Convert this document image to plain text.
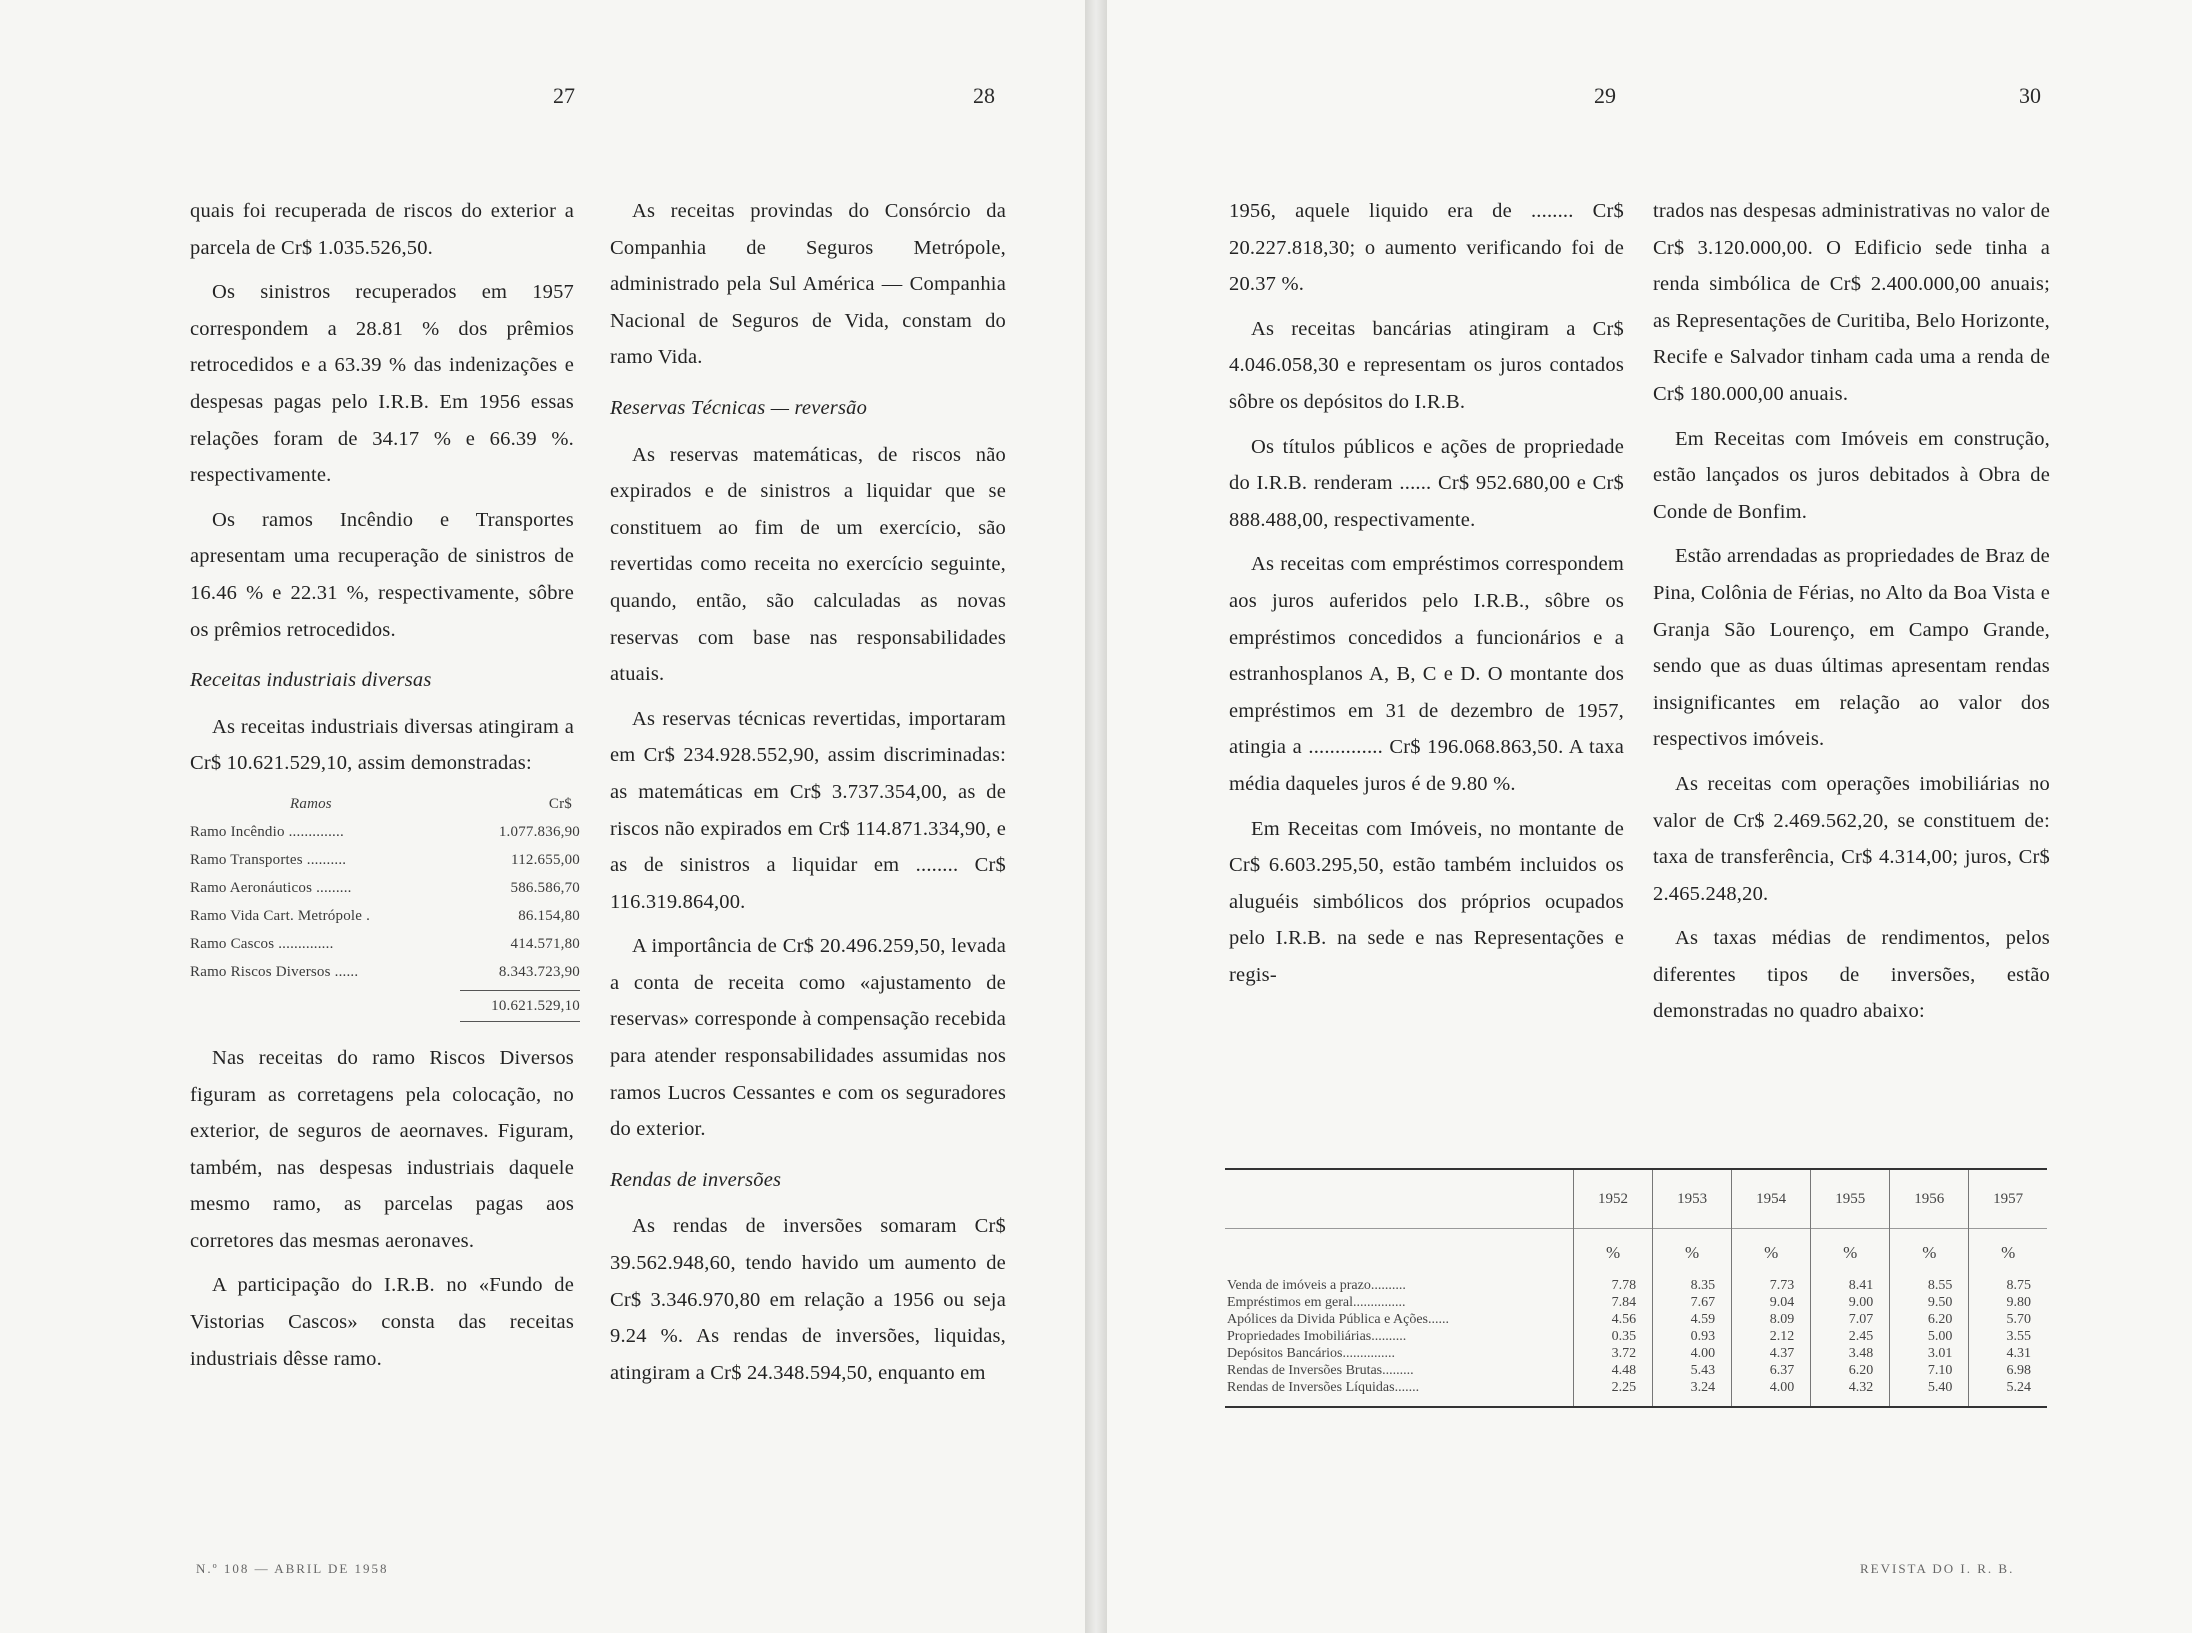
27	28

quais foi recuperada de riscos do exterior a parcela de Cr$ 1.035.526,50.

Os sinistros recuperados em 1957 correspondem a 28.81 % dos prêmios retrocedidos e a 63.39 % das indenizações e despesas pagas pelo I.R.B. Em 1956 essas relações foram de 34.17 % e 66.39 %. respectivamente.

Os ramos Incêndio e Transportes apresentam uma recuperação de sinistros de 16.46 % e 22.31 %, respectivamente, sôbre os prêmios retrocedidos.

Receitas industriais diversas

As receitas industriais diversas atingiram a Cr$ 10.621.529,10, assim demonstradas:

Ramos	Cr$
Ramo Incêndio ..............	1.077.836,90
Ramo Transportes ..........	112.655,00
Ramo Aeronáuticos .........	586.586,70
Ramo Vida Cart. Metrópole .	86.154,80
Ramo Cascos ..............	414.571,80
Ramo Riscos Diversos ......	8.343.723,90
10.621.529,10

Nas receitas do ramo Riscos Diversos figuram as corretagens pela colocação, no exterior, de seguros de aeornaves. Figuram, também, nas despesas industriais daquele mesmo ramo, as parcelas pagas aos corretores das mesmas aeronaves.

A participação do I.R.B. no «Fundo de Vistorias Cascos» consta das receitas industriais dêsse ramo.

As receitas provindas do Consórcio da Companhia de Seguros Metrópole, administrado pela Sul América — Companhia Nacional de Seguros de Vida, constam do ramo Vida.

Reservas Técnicas — reversão

As reservas matemáticas, de riscos não expirados e de sinistros a liquidar que se constituem ao fim de um exercício, são revertidas como receita no exercício seguinte, quando, então, são calculadas as novas reservas com base nas responsabilidades atuais.

As reservas técnicas revertidas, importaram em Cr$ 234.928.552,90, assim discriminadas: as matemáticas em Cr$ 3.737.354,00, as de riscos não expirados em Cr$ 114.871.334,90, e as de sinistros a liquidar em ........ Cr$ 116.319.864,00.

A importância de Cr$ 20.496.259,50, levada a conta de receita como «ajustamento de reservas» corresponde à compensação recebida para atender responsabilidades assumidas nos ramos Lucros Cessantes e com os seguradores do exterior.

Rendas de inversões

As rendas de inversões somaram Cr$ 39.562.948,60, tendo havido um aumento de Cr$ 3.346.970,80 em relação a 1956 ou seja 9.24 %. As rendas de inversões, liquidas, atingiram a Cr$ 24.348.594,50, enquanto em

N.º 108 — ABRIL DE 1958
29	30

1956, aquele liquido era de ........ Cr$ 20.227.818,30; o aumento verificando foi de 20.37 %.

As receitas bancárias atingiram a Cr$ 4.046.058,30 e representam os juros contados sôbre os depósitos do I.R.B.

Os títulos públicos e ações de propriedade do I.R.B. renderam ...... Cr$ 952.680,00 e Cr$ 888.488,00, respectivamente.

As receitas com empréstimos correspondem aos juros auferidos pelo I.R.B., sôbre os empréstimos concedidos a funcionários e a estranhosplanos A, B, C e D. O montante dos empréstimos em 31 de dezembro de 1957, atingia a .............. Cr$ 196.068.863,50. A taxa média daqueles juros é de 9.80 %.

Em Receitas com Imóveis, no montante de Cr$ 6.603.295,50, estão também incluidos os aluguéis simbólicos dos próprios ocupados pelo I.R.B. na sede e nas Representações e regis-

trados nas despesas administrativas no valor de Cr$ 3.120.000,00. O Edificio sede tinha a renda simbólica de Cr$ 2.400.000,00 anuais; as Representações de Curitiba, Belo Horizonte, Recife e Salvador tinham cada uma a renda de Cr$ 180.000,00 anuais.

Em Receitas com Imóveis em construção, estão lançados os juros debitados à Obra de Conde de Bonfim.

Estão arrendadas as propriedades de Braz de Pina, Colônia de Férias, no Alto da Boa Vista e Granja São Lourenço, em Campo Grande, sendo que as duas últimas apresentam rendas insignificantes em relação ao valor dos respectivos imóveis.

As receitas com operações imobiliárias no valor de Cr$ 2.469.562,20, se constituem de: taxa de transferência, Cr$ 4.314,00; juros, Cr$ 2.465.248,20.

As taxas médias de rendimentos, pelos diferentes tipos de inversões, estão demonstradas no quadro abaixo:

REVISTA DO I. R. B.
	1952	1953	1954	1955	1956	1957
	%	%	%	%	%	%
Venda de imóveis a prazo..........	7.78	8.35	7.73	8.41	8.55	8.75
Empréstimos em geral...............	7.84	7.67	9.04	9.00	9.50	9.80
Apólices da Divida Pública e Ações......	4.56	4.59	8.09	7.07	6.20	5.70
Propriedades Imobiliárias..........	0.35	0.93	2.12	2.45	5.00	3.55
Depósitos Bancários...............	3.72	4.00	4.37	3.48	3.01	4.31
Rendas de Inversões Brutas.........	4.48	5.43	6.37	6.20	7.10	6.98
Rendas de Inversões Líquidas.......	2.25	3.24	4.00	4.32	5.40	5.24
